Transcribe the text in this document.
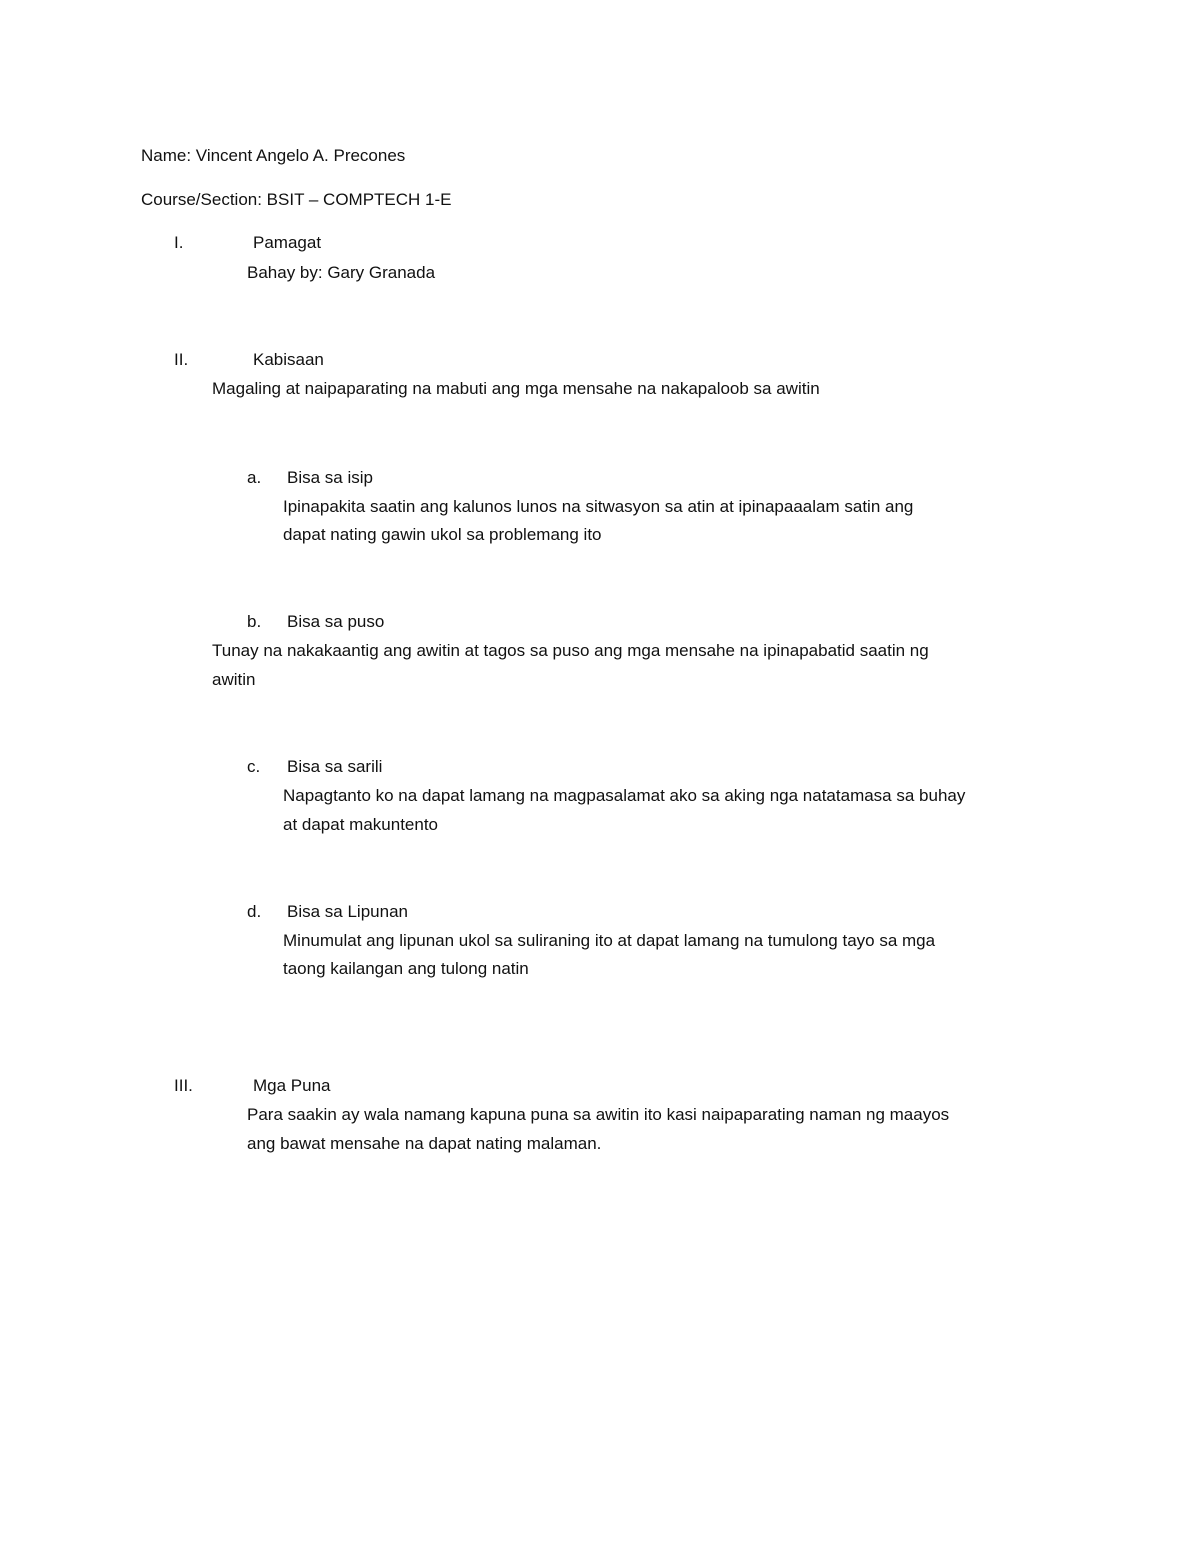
Name: Vincent Angelo A. Precones
Course/Section: BSIT – COMPTECH 1-E
I.	Pamagat
Bahay by: Gary Granada
II.	Kabisaan
Magaling at naipaparating na mabuti ang mga mensahe na nakapaloob sa awitin
a. Bisa sa isip
Ipinapakita saatin ang kalunos lunos na sitwasyon sa atin at ipinapaaalam satin ang
dapat nating gawin ukol sa problemang ito
b. Bisa sa puso
Tunay na nakakaantig ang awitin at tagos sa puso ang mga mensahe na ipinapabatid saatin ng
awitin
c. Bisa sa sarili
Napagtanto ko na dapat lamang na magpasalamat ako sa aking nga natatamasa sa buhay
at dapat makuntento
d. Bisa sa Lipunan
Minumulat ang lipunan ukol sa suliraning ito at dapat lamang na tumulong tayo sa mga
taong kailangan ang tulong natin
III.	Mga Puna
Para saakin ay wala namang kapuna puna sa awitin ito kasi naipaparating naman ng maayos
ang bawat mensahe na dapat nating malaman.
